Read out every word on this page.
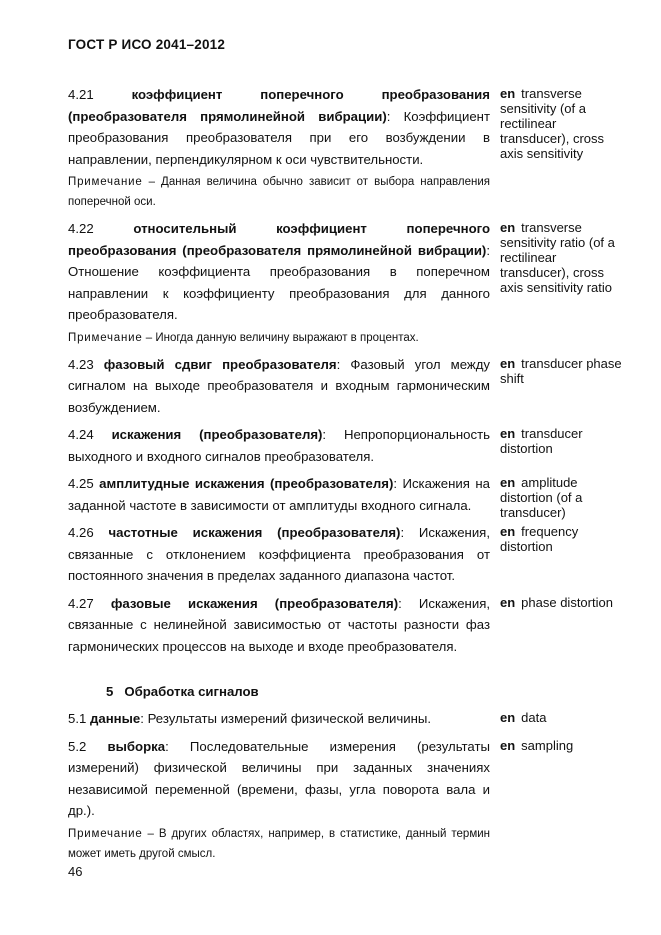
ГОСТ Р ИСО 2041–2012
4.21	коэффициент поперечного преобразования (преобразователя прямолинейной вибрации): Коэффициент преобразования преобразователя при его возбуждении в направлении, перпендикулярном к оси чувствительности.
en transverse sensitivity (of a rectilinear transducer), cross axis sensitivity
Примечание – Данная величина обычно зависит от выбора направления поперечной оси.
4.22	относительный коэффициент поперечного преобразования (преобразователя прямолинейной вибрации): Отношение коэффициента преобразования в поперечном направлении к коэффициенту преобразования для данного преобразователя.
en transverse sensitivity ratio (of a rectilinear transducer), cross axis sensitivity ratio
Примечание – Иногда данную величину выражают в процентах.
4.23 фазовый сдвиг преобразователя: Фазовый угол между сигналом на выходе преобразователя и входным гармоническим возбуждением.
en transducer phase shift
4.24 искажения (преобразователя): Непропорциональность выходного и входного сигналов преобразователя.
en transducer distortion
4.25 амплитудные искажения (преобразователя): Искажения на заданной частоте в зависимости от амплитуды входного сигнала.
en amplitude distortion (of a transducer)
4.26 частотные искажения (преобразователя): Искажения, связанные с отклонением коэффициента преобразования от постоянного значения в пределах заданного диапазона частот.
en frequency distortion
4.27 фазовые искажения (преобразователя): Искажения, связанные с нелинейной зависимостью от частоты разности фаз гармонических процессов на выходе и входе преобразователя.
en phase distortion
5 Обработка сигналов
5.1 данные: Результаты измерений физической величины.	en data
5.2 выборка: Последовательные измерения (результаты измерений) физической величины при заданных значениях независимой переменной (времени, фазы, угла поворота вала и др.).
en sampling
Примечание – В других областях, например, в статистике, данный термин может иметь другой смысл.
46
